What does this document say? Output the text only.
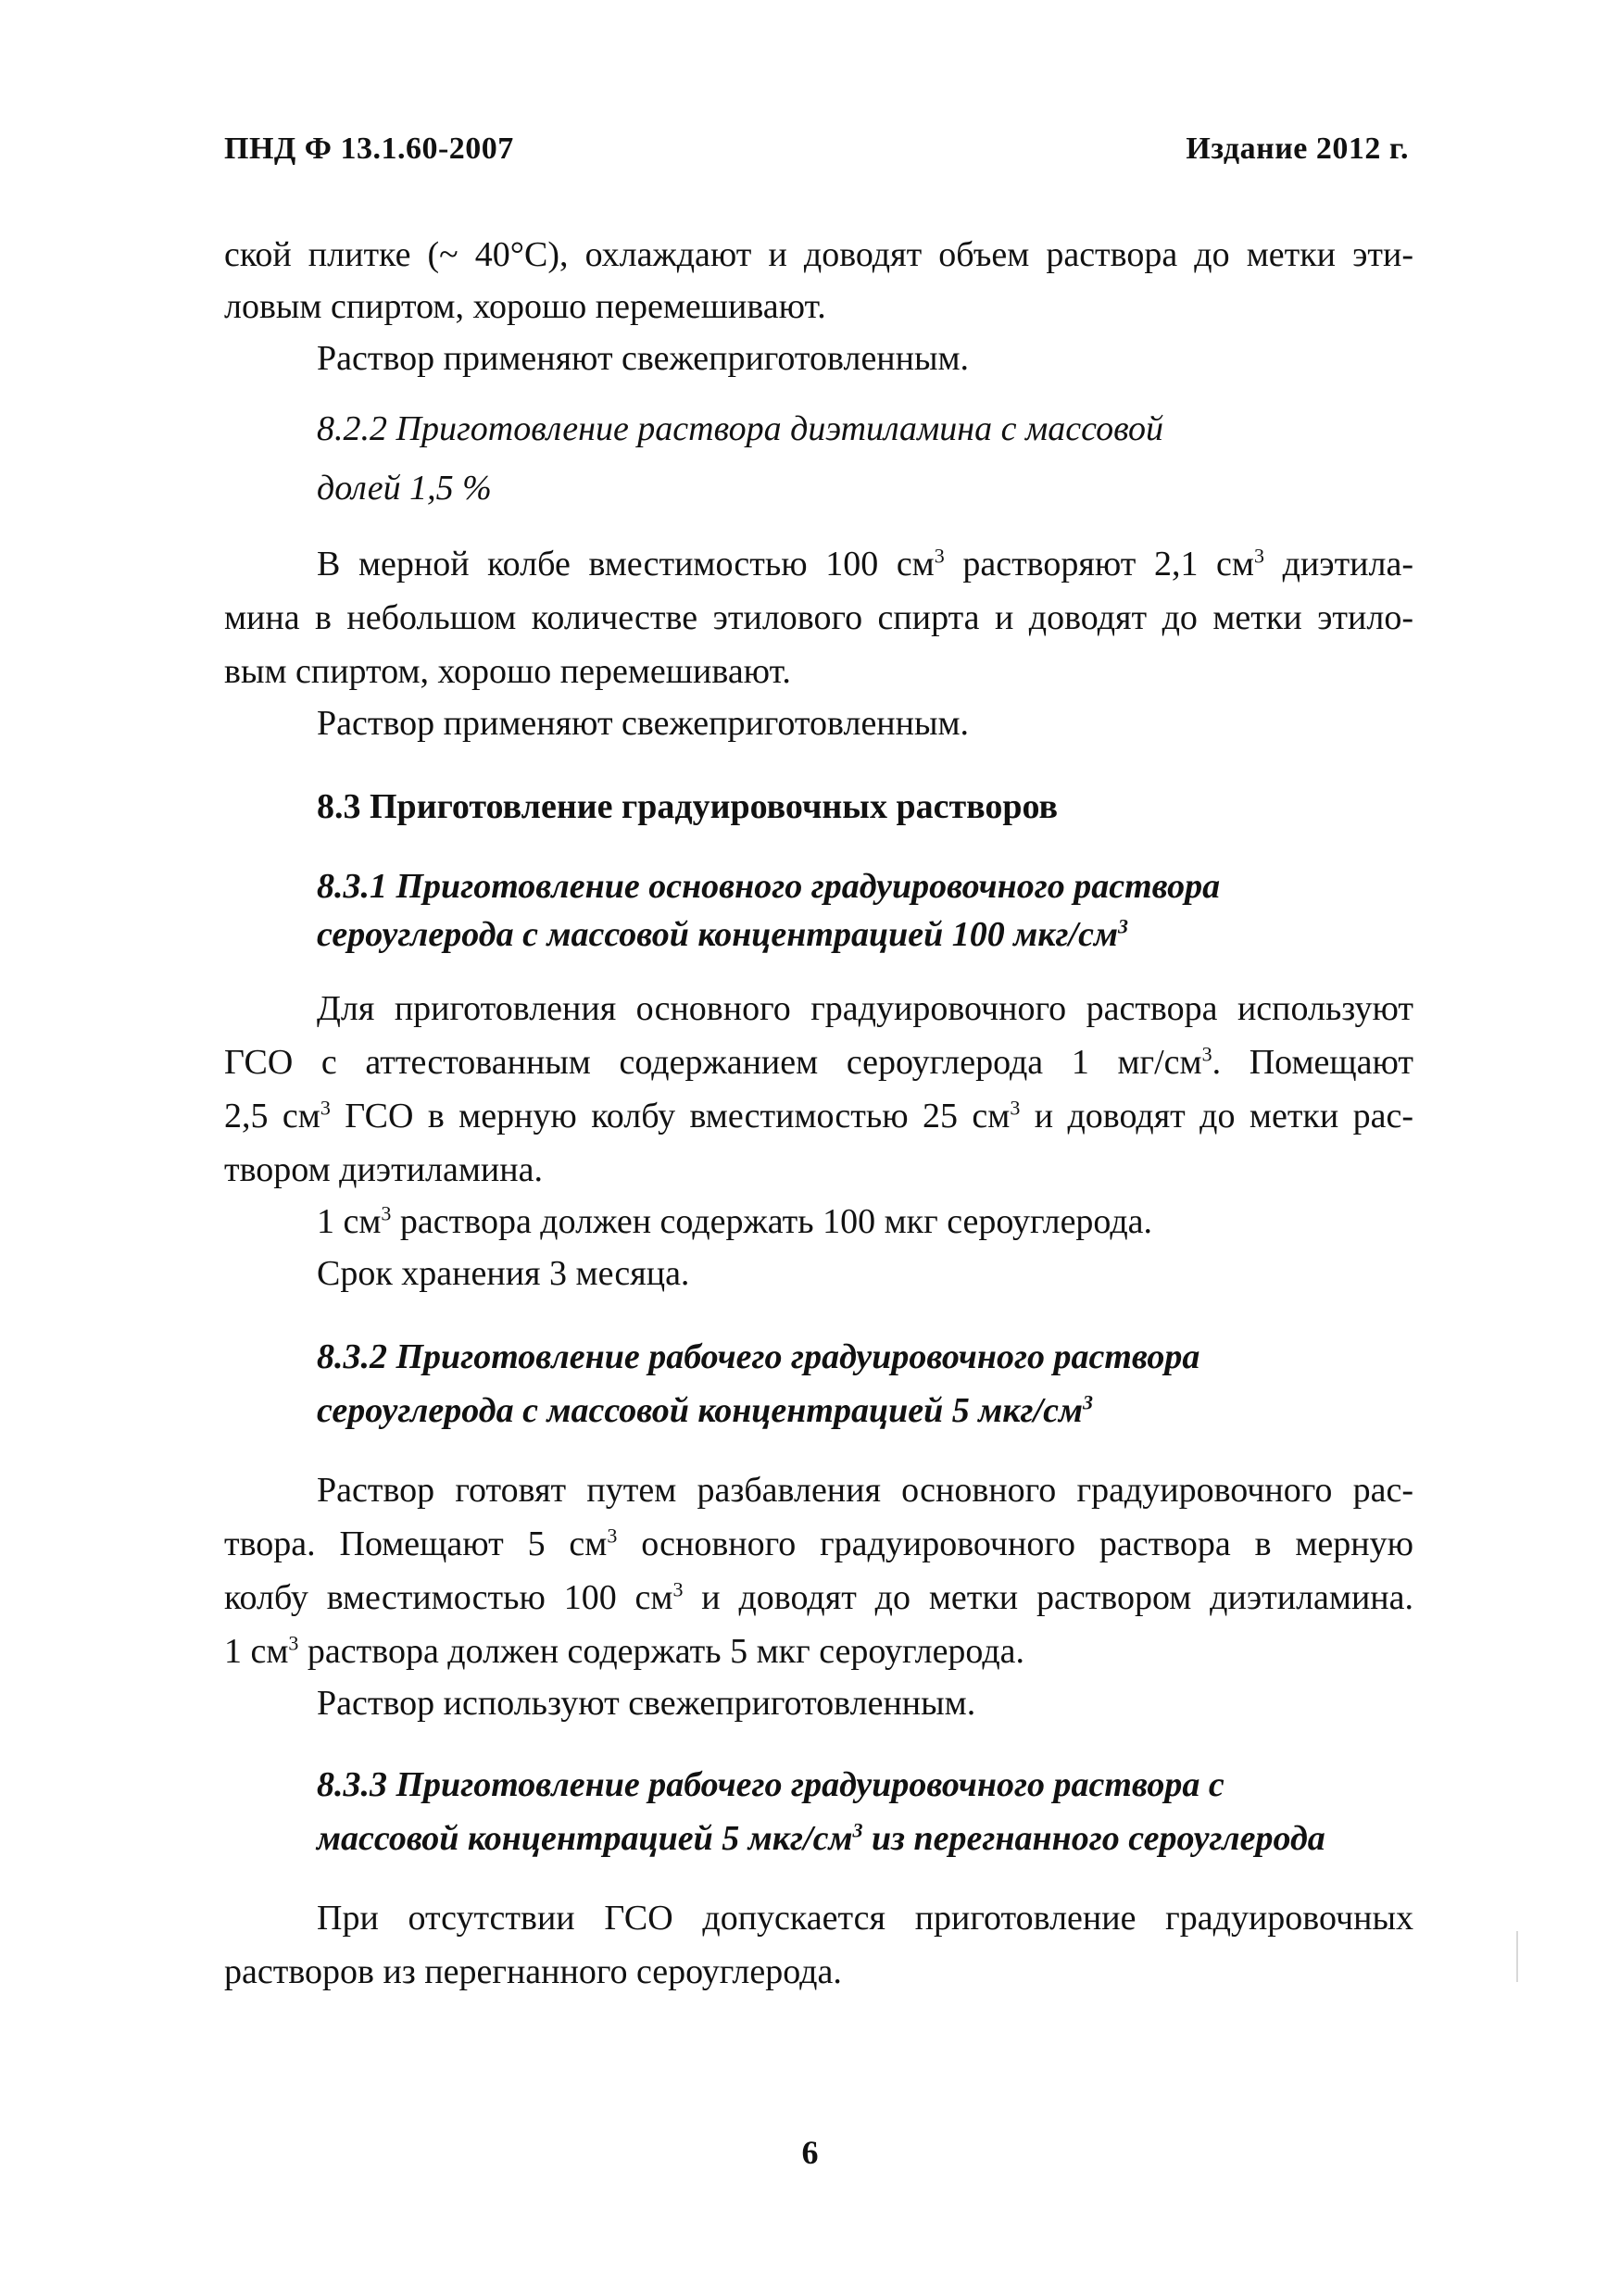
ПНД Ф 13.1.60-2007	Издание 2012 г.
ской плитке (~ 40°С), охлаждают и доводят объем раствора до метки эти-
ловым спиртом, хорошо перемешивают.
Раствор применяют свежеприготовленным.
8.2.2 Приготовление раствора диэтиламина с массовой
долей 1,5 %
В мерной колбе вместимостью 100 $см^3$ растворяют 2,1 $см^3$ диэтила-
мина в небольшом количестве этилового спирта и доводят до метки этило-
вым спиртом, хорошо перемешивают.
Раствор применяют свежеприготовленным.
8.3 Приготовление градуировочных растворов
8.3.1 Приготовление основного градуировочного раствора
сероуглерода с массовой концентрацией 100 мкг/$см^3$
Для приготовления основного градуировочного раствора используют
ГСО с аттестованным содержанием сероуглерода 1 $мг/см^3$. Помещают
2,5 $см^3$ ГСО в мерную колбу вместимостью 25 $см^3$ и доводят до метки рас-
твором диэтиламина.
1 $см^3$ раствора должен содержать 100 мкг сероуглерода.
Срок хранения 3 месяца.
8.3.2 Приготовление рабочего градуировочного раствора
сероуглерода с массовой концентрацией 5 мкг/$см^3$
Раствор готовят путем разбавления основного градуировочного рас-
твора. Помещают 5 $см^3$ основного градуировочного раствора в мерную
колбу вместимостью 100 $см^3$ и доводят до метки раствором диэтиламина.
1 $см^3$ раствора должен содержать 5 мкг сероуглерода.
Раствор используют свежеприготовленным.
8.3.3 Приготовление рабочего градуировочного раствора с
массовой концентрацией 5 мкг/$см^3$ из перегнанного сероуглерода
При отсутствии ГСО допускается приготовление градуировочных
растворов из перегнанного сероуглерода.
6
